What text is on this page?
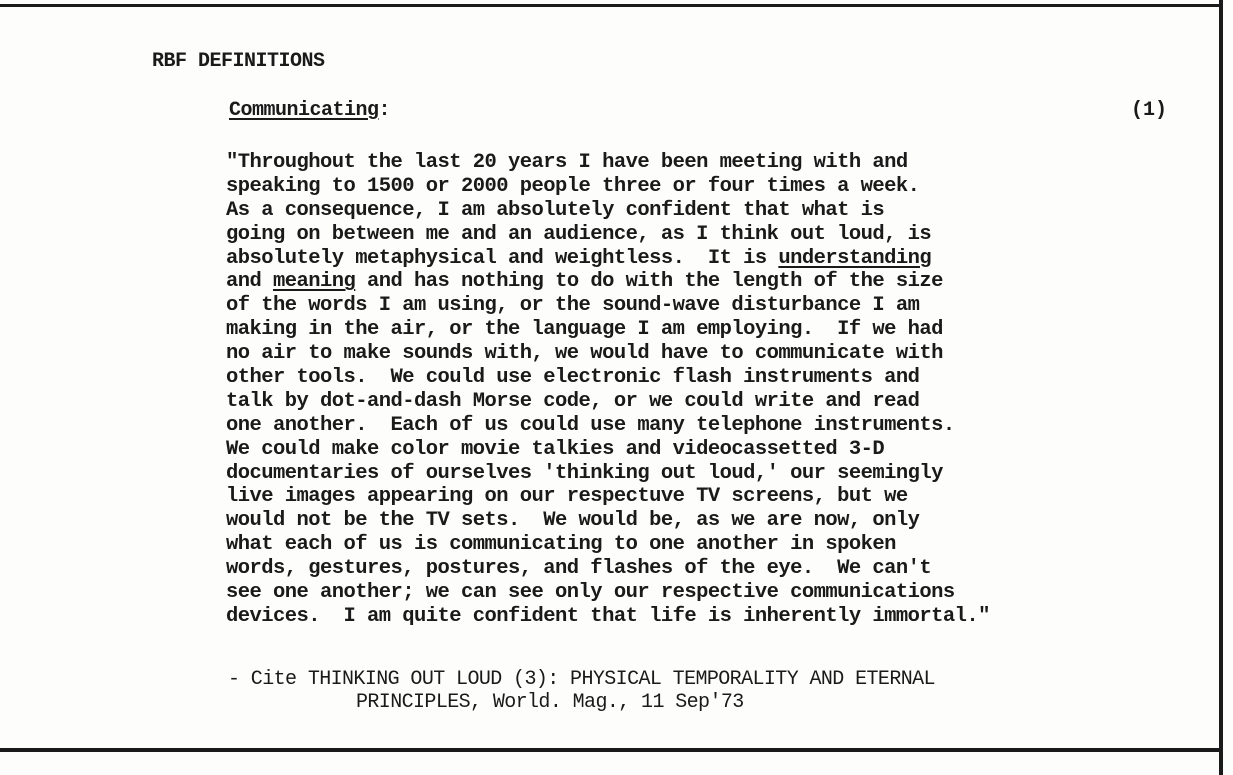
RBF DEFINITIONS
Communicating:	(1)
"Throughout the last 20 years I have been meeting with and
speaking to 1500 or 2000 people three or four times a week.
As a consequence, I am absolutely confident that what is
going on between me and an audience, as I think out loud, is
absolutely metaphysical and weightless.  It is understanding
and meaning and has nothing to do with the length of the size
of the words I am using, or the sound-wave disturbance I am
making in the air, or the language I am employing.  If we had
no air to make sounds with, we would have to communicate with
other tools.  We could use electronic flash instruments and
talk by dot-and-dash Morse code, or we could write and read
one another.  Each of us could use many telephone instruments.
We could make color movie talkies and videocassetted 3-D
documentaries of ourselves 'thinking out loud,' our seemingly
live images appearing on our respectuve TV screens, but we
would not be the TV sets.  We would be, as we are now, only
what each of us is communicating to one another in spoken
words, gestures, postures, and flashes of the eye.  We can't
see one another; we can see only our respective communications
devices.  I am quite confident that life is inherently immortal."
- Cite THINKING OUT LOUD (3): PHYSICAL TEMPORALITY AND ETERNAL
PRINCIPLES, World. Mag., 11 Sep'73
